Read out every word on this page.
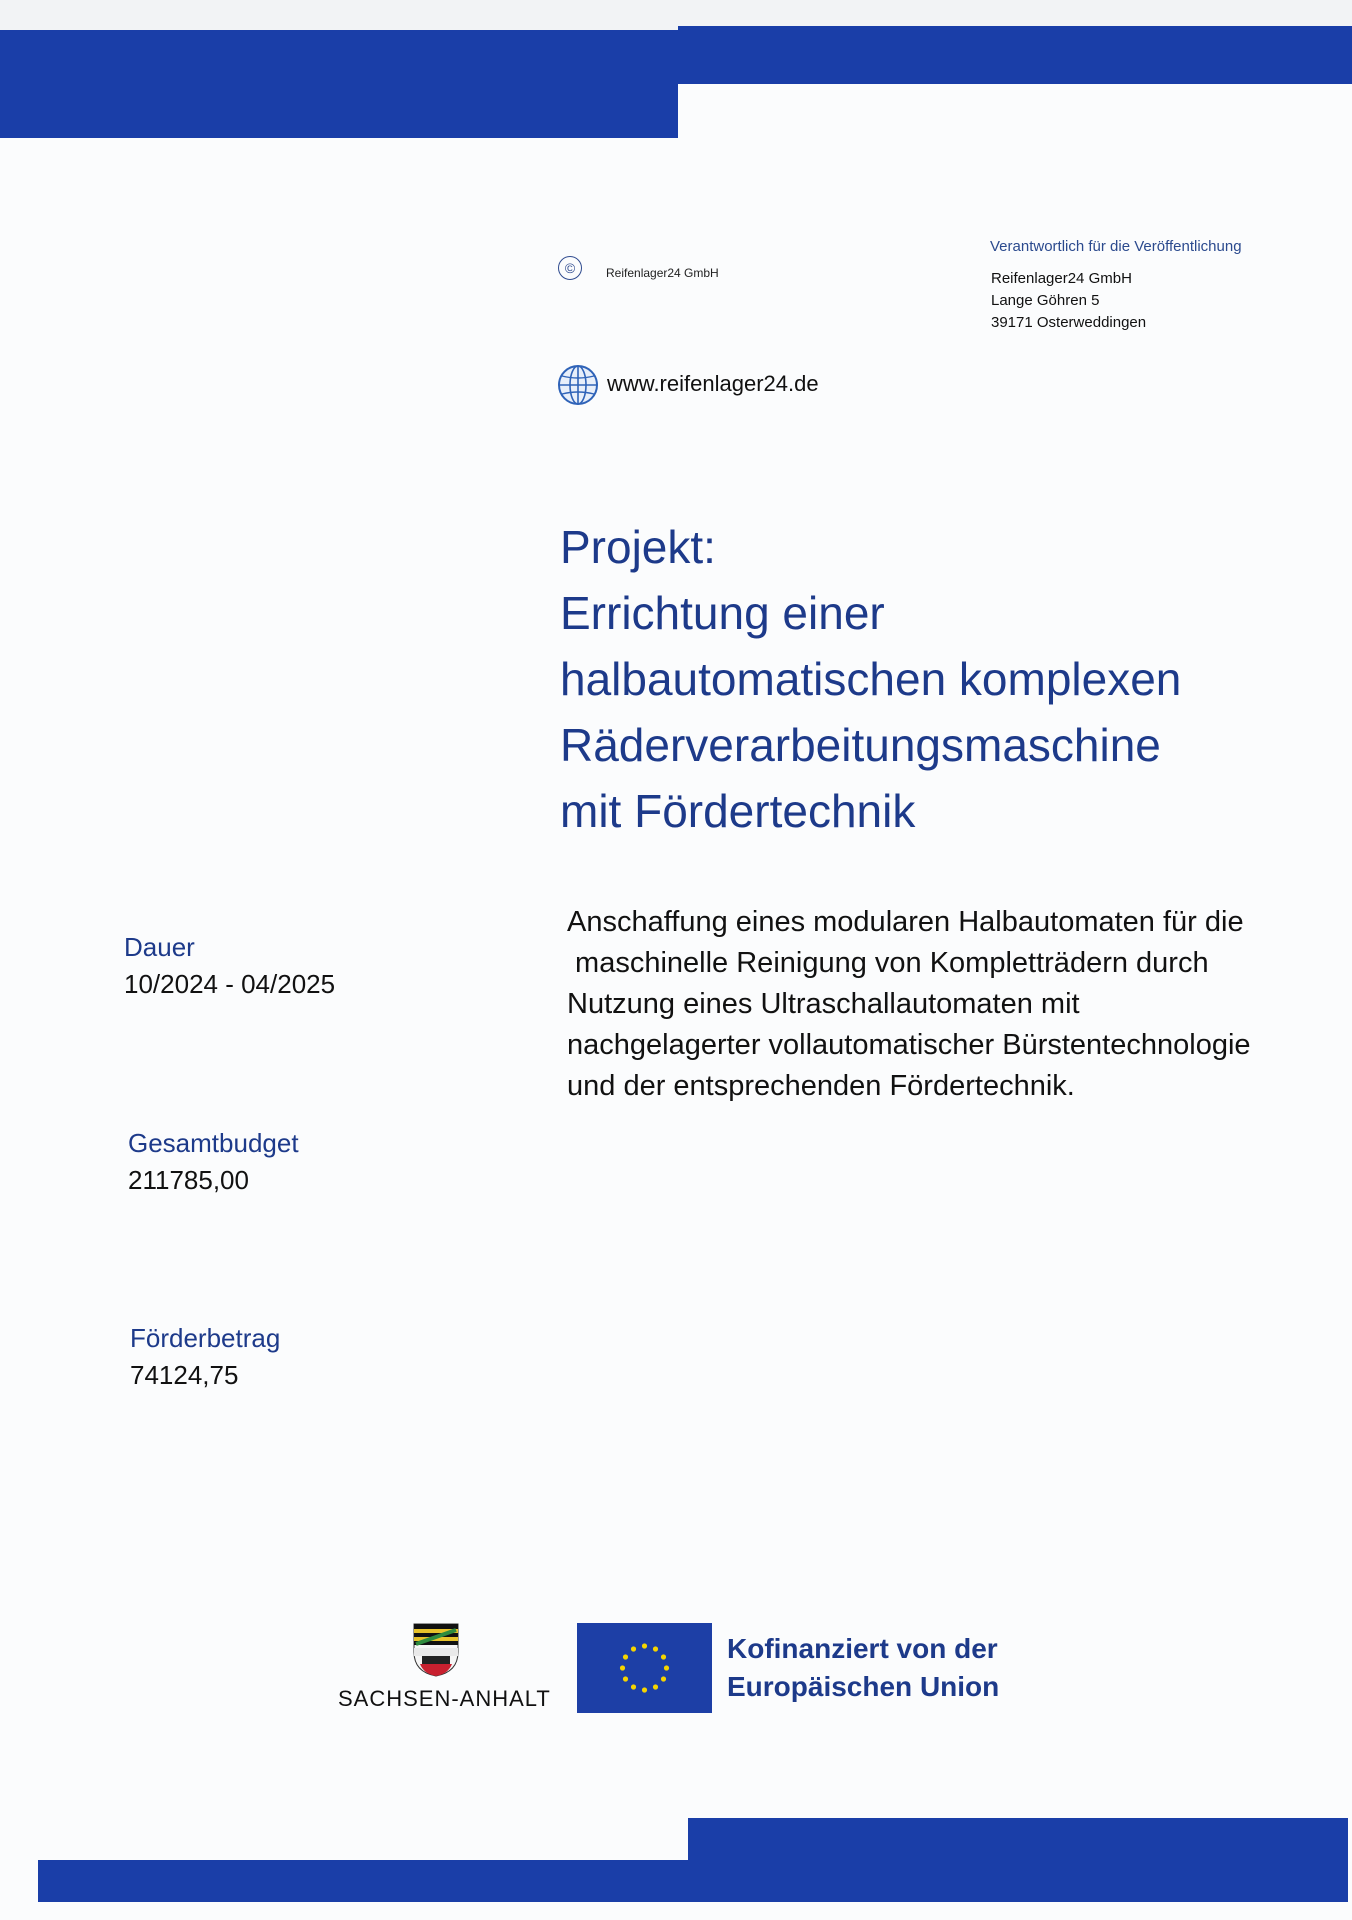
©	Reifenlager24 GmbH
Verantwortlich für die Veröffentlichung
Reifenlager24 GmbH
Lange Göhren 5
39171 Osterweddingen
www.reifenlager24.de
Projekt:
Errichtung einer
halbautomatischen komplexen
Räderverarbeitungsmaschine
mit Fördertechnik
Anschaffung eines modularen Halbautomaten für die
maschinelle Reinigung von Kompletträdern durch
Nutzung eines Ultraschallautomaten mit
nachgelagerter vollautomatischer Bürstentechnologie
und der entsprechenden Fördertechnik.
Dauer
10/2024 - 04/2025
Gesamtbudget
211785,00
Förderbetrag
74124,75
SACHSEN-ANHALT
Kofinanziert von der
Europäischen Union
